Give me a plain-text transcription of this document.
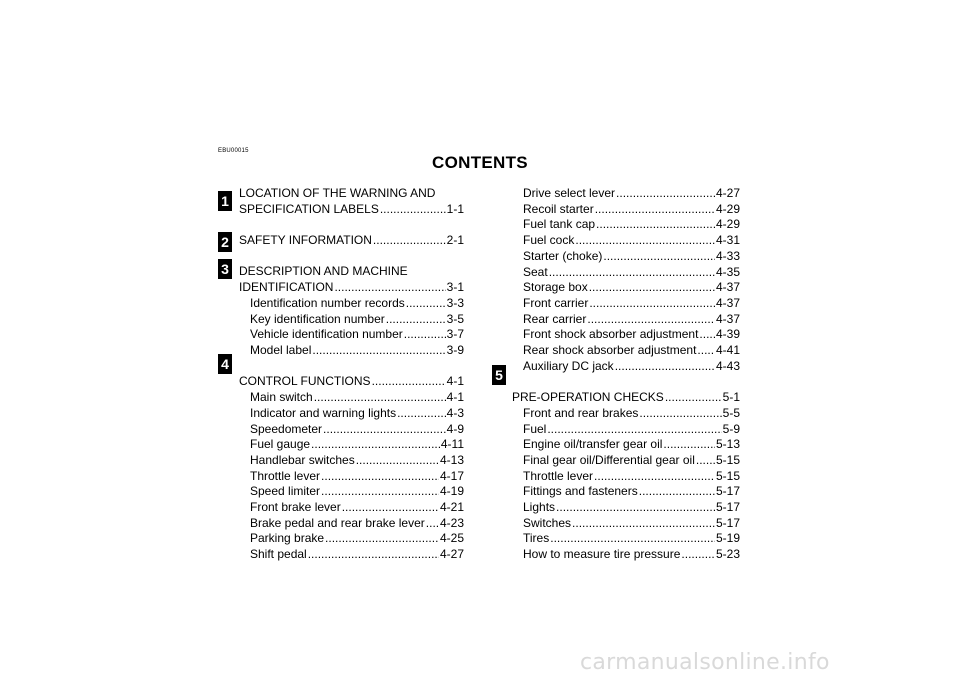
EBU00015
CONTENTS
1
2
3
4
5
LOCATION OF THE WARNING AND
SPECIFICATION LABELS .....	1-1
SAFETY INFORMATION .....	2-1
DESCRIPTION AND MACHINE
IDENTIFICATION .....	3-1
Identification number records .....	3-3
Key identification number .....	3-5
Vehicle identification number .....	3-7
Model label .....	3-9
CONTROL FUNCTIONS .....	4-1
Main switch .....	4-1
Indicator and warning lights .....	4-3
Speedometer .....	4-9
Fuel gauge .....	4-11
Handlebar switches .....	4-13
Throttle lever .....	4-17
Speed limiter .....	4-19
Front brake lever .....	4-21
Brake pedal and rear brake lever ..... 4-23
Parking brake .....	4-25
Shift pedal .....	4-27
Drive select lever .....	4-27
Recoil starter .....	4-29
Fuel tank cap .....	4-29
Fuel cock .....	4-31
Starter (choke) .....	4-33
Seat .....	4-35
Storage box .....	4-37
Front carrier .....	4-37
Rear carrier .....	4-37
Front shock absorber adjustment ..... 4-39
Rear shock absorber adjustment ..... 4-41
Auxiliary DC jack .....	4-43
PRE-OPERATION CHECKS .....	5-1
Front and rear brakes .....	5-5
Fuel .....	5-9
Engine oil/transfer gear oil .....	5-13
Final gear oil/Differential gear oil ..... 5-15
Throttle lever .....	5-15
Fittings and fasteners .....	5-17
Lights .....	5-17
Switches .....	5-17
Tires .....	5-19
How to measure tire pressure .....	5-23
carmanualsonline.info
